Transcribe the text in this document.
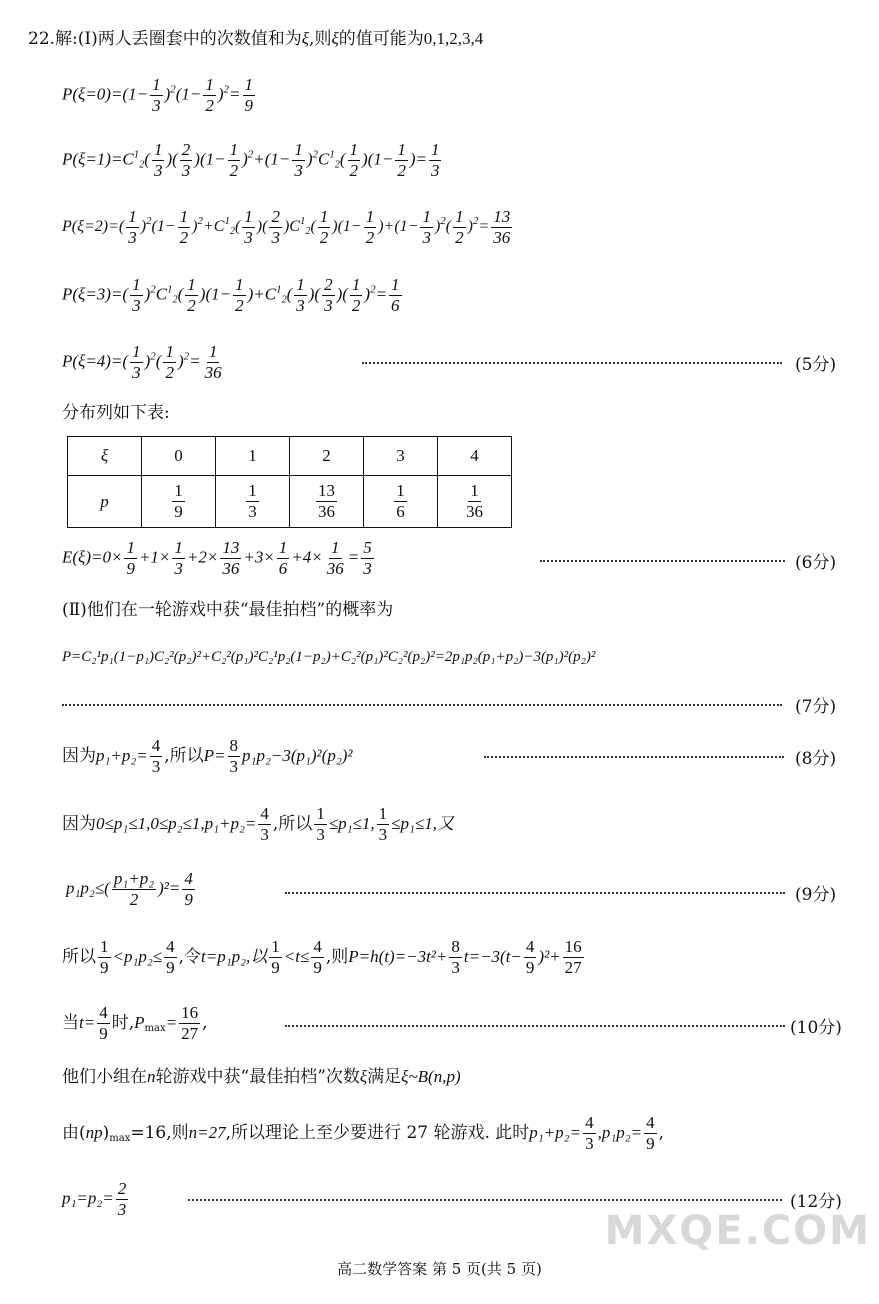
22.解:(Ⅰ)两人丢圈套中的次数值和为ξ,则ξ的值可能为0,1,2,3,4
$P(\xi=0)=(1- \frac{1}{3} )^2(1- \frac{1}{2} )^2= \frac{1}{9}$
$P(\xi=1)=C^1_2( \frac{1}{3}$ )( $\frac{2}{3} )(1- \frac{1}{2} )^2+(1- \frac{1}{3} )^2C^1_2( \frac{1}{2} )(1- \frac{1}{2}$ )= $\frac{1}{3}$
$P(\xi=2)=( \frac{1}{3} )^2(1- \frac{1}{2} )^2+C^1_2( \frac{1}{3}$ )( $\frac{2}{3} )C^1_2( \frac{1}{2} )(1- \frac{1}{2} )+(1- \frac{1}{3} )^2( \frac{1}{2} )^2= \frac{13}{36}$
$P(\xi=3)=( \frac{1}{3} )^2C^1_2( \frac{1}{2} )(1- \frac{1}{2} )+C^1_2( \frac{1}{3}$ )( $\frac{2}{3}$ )( $\frac{1}{2} )^2= \frac{1}{6}$
$P(\xi=4)=( \frac{1}{3} )^2( \frac{1}{2} )^2= \frac{1}{36}$	(5分)
分布列如下表:
ξ	0	1	2	3	4
p	$\frac{1}{9}$	$\frac{1}{3}$	$\frac{13}{36}$	$\frac{1}{6}$	$\frac{1}{36}$
$E(\xi)=0\times \frac{1}{9} +1\times \frac{1}{3} +2\times \frac{13}{36} +3\times \frac{1}{6} +4\times \frac{1}{36} = \frac{5}{3}$	(6分)
(Ⅱ)他们在一轮游戏中获“最佳拍档”的概率为
P=C₂¹p₁(1−p₁)C₂²(p₂)²+C₂²(p₁)²C₂¹p₂(1−p₂)+C₂²(p₁)²C₂²(p₂)²=2p₁p₂(p₁+p₂)−3(p₁)²(p₂)²
(7分)
因为$p_1+p_2= \frac{4}{3}$ ,所以$P= \frac{8}{3} p_1p_2-3(p_1)^2(p_2)^2$	(8分)
因为$0\le p_1\le 1,0\le p_2\le 1,p_1+p_2= \frac{4}{3}$ ,所以 $\frac{1}{3} \le p_1\le 1$, $\frac{1}{3} \le p_1\le 1$,又
$p_1p_2\le( \frac{\text{p₁+p₂}}{2} )^2= \frac{4}{9}$	(9分)
所以 $\frac{1}{9} <p_1p_2\le \frac{4}{9}$ ,令t=p₁p₂,以 $\frac{1}{9} <t\le \frac{4}{9}$ ,则$P=h(t)=-3t^2+ \frac{8}{3} t=-3(t- \frac{4}{9} )^2+ \frac{16}{27}$
当$t= \frac{4}{9}$ 时$,P_{max}= \frac{16}{27}$ ,	(10分)
他们小组在n轮游戏中获“最佳拍档”次数ξ满足ξ~B(n,p)
由$(np)_{max}=16$,则n=27,所以理论上至少要进行 27 轮游戏. 此时$p_1+p_2= \frac{4}{3} ,p_1p_2= \frac{4}{9}$ ,
$p_1=p_2= \frac{2}{3}$	(12分)
MXQE.COM
高二数学答案 第 5 页(共 5 页)
